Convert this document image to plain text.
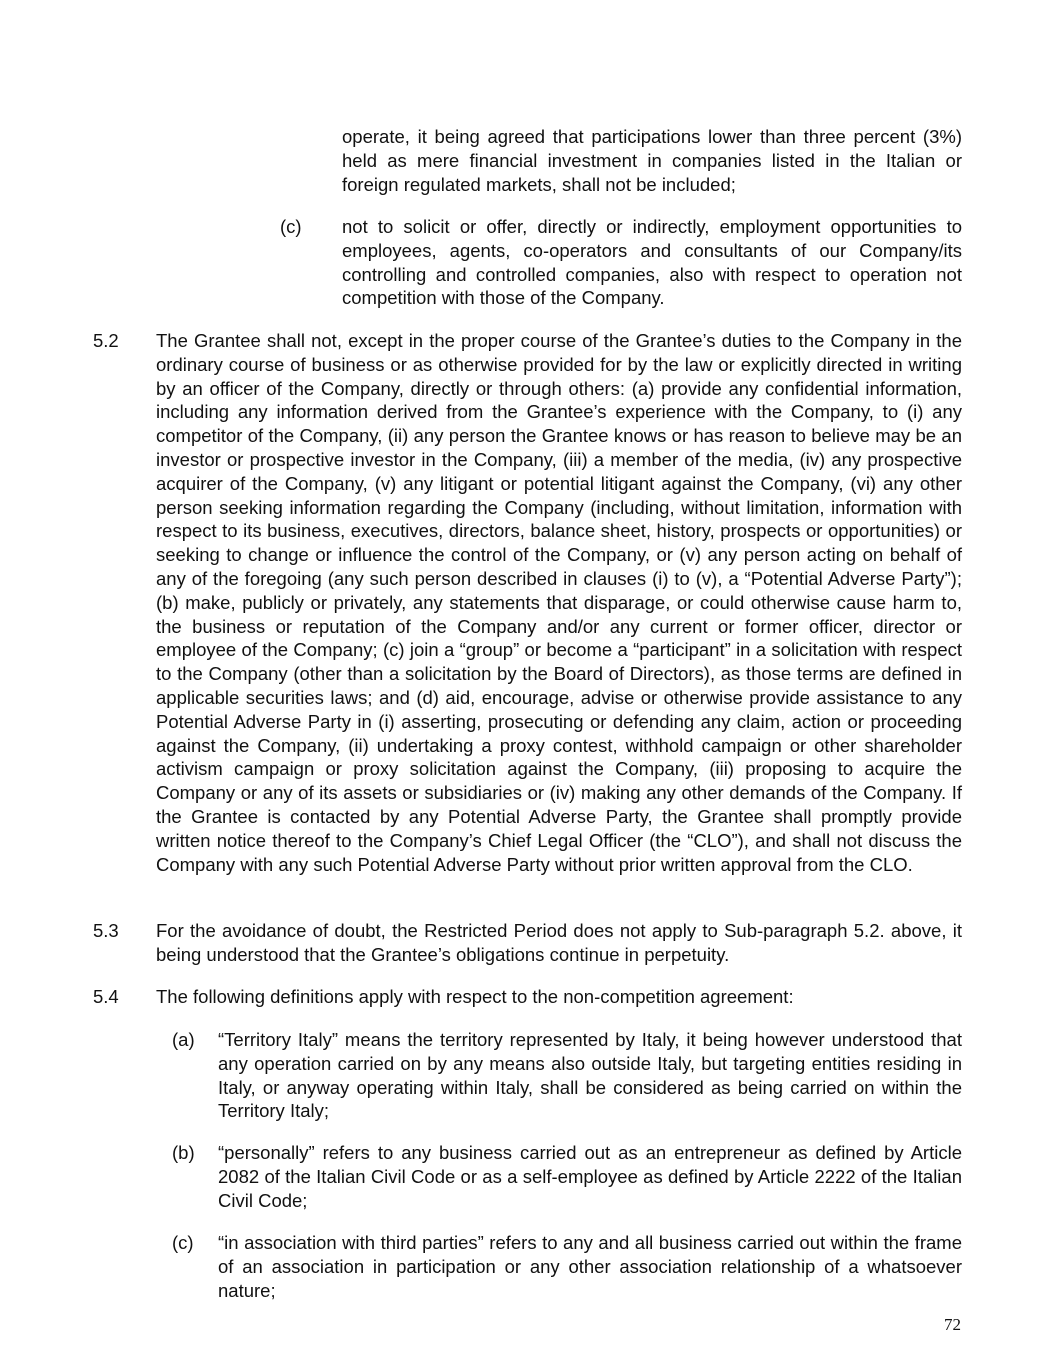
operate, it being agreed that participations lower than three percent (3%) held as mere financial investment in companies listed in the Italian or foreign regulated markets, shall not be included;

(c) not to solicit or offer, directly or indirectly, employment opportunities to employees, agents, co-operators and consultants of our Company/its controlling and controlled companies, also with respect to operation not competition with those of the Company.

5.2 The Grantee shall not, except in the proper course of the Grantee’s duties to the Company in the ordinary course of business or as otherwise provided for by the law or explicitly directed in writing by an officer of the Company, directly or through others: (a) provide any confidential information, including any information derived from the Grantee’s experience with the Company, to (i) any competitor of the Company, (ii) any person the Grantee knows or has reason to believe may be an investor or prospective investor in the Company, (iii) a member of the media, (iv) any prospective acquirer of the Company, (v) any litigant or potential litigant against the Company, (vi) any other person seeking information regarding the Company (including, without limitation, information with respect to its business, executives, directors, balance sheet, history, prospects or opportunities) or seeking to change or influence the control of the Company, or (v) any person acting on behalf of any of the foregoing (any such person described in clauses (i) to (v), a “Potential Adverse Party”); (b) make, publicly or privately, any statements that disparage, or could otherwise cause harm to, the business or reputation of the Company and/or any current or former officer, director or employee of the Company; (c) join a “group” or become a “participant” in a solicitation with respect to the Company (other than a solicitation by the Board of Directors), as those terms are defined in applicable securities laws; and (d) aid, encourage, advise or otherwise provide assistance to any Potential Adverse Party in (i) asserting, prosecuting or defending any claim, action or proceeding against the Company, (ii) undertaking a proxy contest, withhold campaign or other shareholder activism campaign or proxy solicitation against the Company, (iii) proposing to acquire the Company or any of its assets or subsidiaries or (iv) making any other demands of the Company. If the Grantee is contacted by any Potential Adverse Party, the Grantee shall promptly provide written notice thereof to the Company’s Chief Legal Officer (the “CLO”), and shall not discuss the Company with any such Potential Adverse Party without prior written approval from the CLO.

5.3 For the avoidance of doubt, the Restricted Period does not apply to Sub-paragraph 5.2. above, it being understood that the Grantee’s obligations continue in perpetuity.

5.4 The following definitions apply with respect to the non-competition agreement:

(a) “Territory Italy” means the territory represented by Italy, it being however understood that any operation carried on by any means also outside Italy, but targeting entities residing in Italy, or anyway operating within Italy, shall be considered as being carried on within the Territory Italy;

(b) “personally” refers to any business carried out as an entrepreneur as defined by Article 2082 of the Italian Civil Code or as a self-employee as defined by Article 2222 of the Italian Civil Code;

(c) “in association with third parties” refers to any and all business carried out within the frame of an association in participation or any other association relationship of a whatsoever nature;

72
